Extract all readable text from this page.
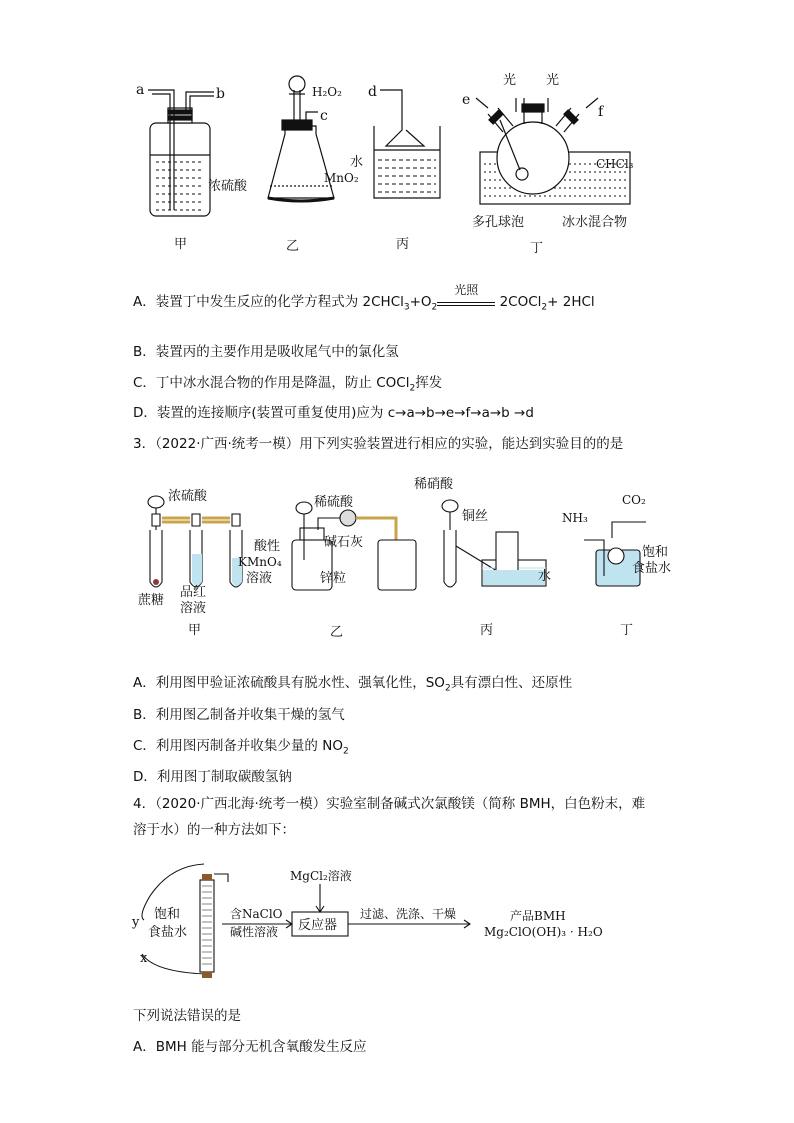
a	b
浓硫酸
H₂O₂
c
MnO₂
d
水
e
f
光 光
CHCl₃
多孔球泡	冰水混合物
甲	乙	丙	丁
A．装置丁中发生反应的化学方程式为 $2CHCl_3+O_2$
光照
2COCl$_2$+ 2HCl
B．装置丙的主要作用是吸收尾气中的氯化氢
C．丁中冰水混合物的作用是降温，防止 COCl$_2$挥发
D．装置的连接顺序(装置可重复使用)应为 c→a→b→e→f→a→b →d
3．（2022·广西·统考一模）用下列实验装置进行相应的实验，能达到实验目的的是
浓硫酸
蔗糖
品红
溶液
酸性
KMnO₄
溶液
甲
稀硫酸
碱石灰
锌粒
乙
稀硝酸
铜丝
水
丙
NH₃
CO₂
饱和
食盐水
丁
A．利用图甲验证浓硫酸具有脱水性、强氧化性，$SO_2$具有漂白性、还原性
B．利用图乙制备并收集干燥的氢气
C．利用图丙制备并收集少量的 $NO_2$
D．利用图丁制取碳酸氢钠
4．（2020·广西北海·统考一模）实验室制备碱式次氯酸镁（简称 BMH，白色粉末，难
溶于水）的一种方法如下：
y
x
饱和
食盐水
MgCl₂溶液
含NaClO
碱性溶液 反应器
过滤、洗涤、干燥	产品BMH
Mg₂ClO(OH)₃ · H₂O
下列说法错误的是
A．BMH 能与部分无机含氧酸发生反应
